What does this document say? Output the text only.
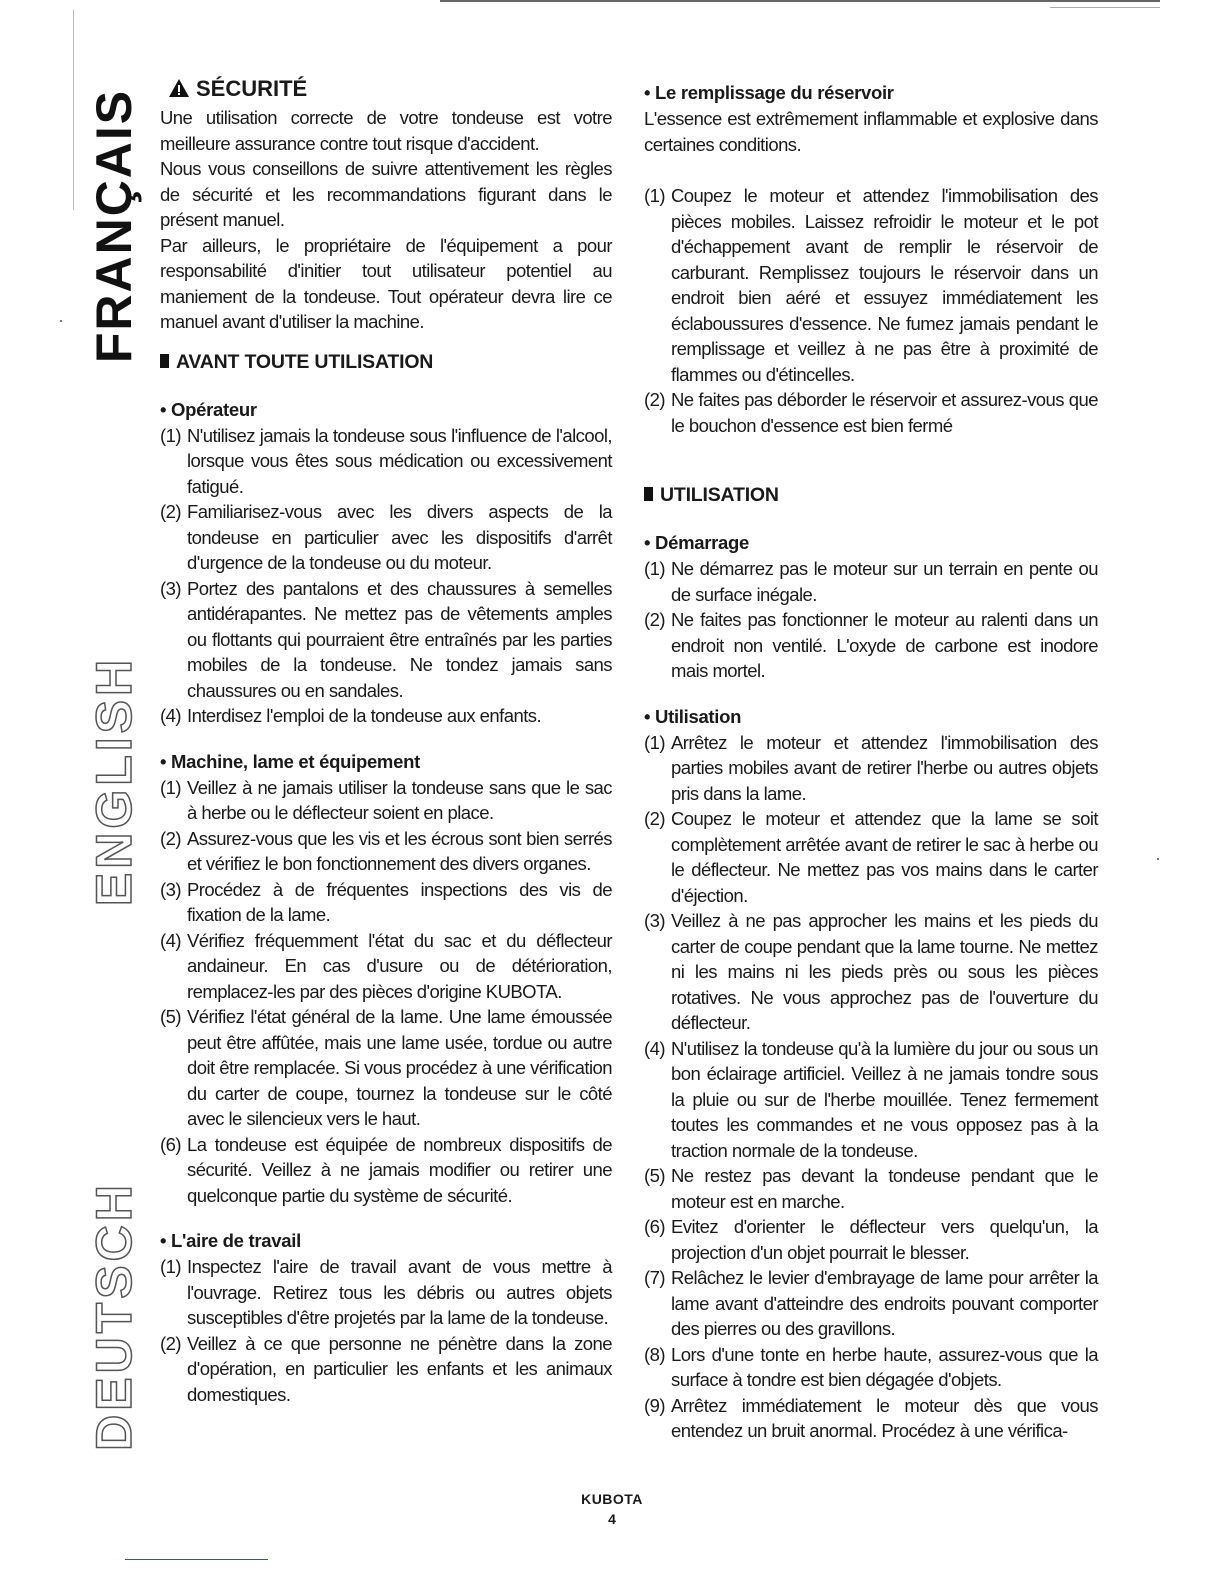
FRANÇAIS
ENGLISH
DEUTSCH
SÉCURITÉ

Une utilisation correcte de votre tondeuse est votre meilleure assurance contre tout risque d'accident.

Nous vous conseillons de suivre attentivement les règles de sécurité et les recommandations figurant dans le présent manuel.

Par ailleurs, le propriétaire de l'équipement a pour responsabilité d'initier tout utilisateur potentiel au maniement de la tondeuse. Tout opérateur devra lire ce manuel avant d'utiliser la machine.

AVANT TOUTE UTILISATION
• Opérateur
(1) N'utilisez jamais la tondeuse sous l'influence de l'alcool, lorsque vous êtes sous médication ou excessivement fatigué.
(2) Familiarisez-vous avec les divers aspects de la tondeuse en particulier avec les dispositifs d'arrêt d'urgence de la tondeuse ou du moteur.
(3) Portez des pantalons et des chaussures à semelles antidérapantes. Ne mettez pas de vêtements amples ou flottants qui pourraient être entraînés par les parties mobiles de la tondeuse. Ne tondez jamais sans chaussures ou en sandales.
(4) Interdisez l'emploi de la tondeuse aux enfants.
• Machine, lame et équipement
(1) Veillez à ne jamais utiliser la tondeuse sans que le sac à herbe ou le déflecteur soient en place.
(2) Assurez-vous que les vis et les écrous sont bien serrés et vérifiez le bon fonctionnement des divers organes.
(3) Procédez à de fréquentes inspections des vis de fixation de la lame.
(4) Vérifiez fréquemment l'état du sac et du déflecteur andaineur. En cas d'usure ou de détérioration, remplacez-les par des pièces d'origine KUBOTA.
(5) Vérifiez l'état général de la lame. Une lame émoussée peut être affûtée, mais une lame usée, tordue ou autre doit être remplacée. Si vous procédez à une vérification du carter de coupe, tournez la tondeuse sur le côté avec le silencieux vers le haut.
(6) La tondeuse est équipée de nombreux dispositifs de sécurité. Veillez à ne jamais modifier ou retirer une quelconque partie du système de sécurité.
• L'aire de travail
(1) Inspectez l'aire de travail avant de vous mettre à l'ouvrage. Retirez tous les débris ou autres objets susceptibles d'être projetés par la lame de la tondeuse.
(2) Veillez à ce que personne ne pénètre dans la zone d'opération, en particulier les enfants et les animaux domestiques.
• Le remplissage du réservoir

L'essence est extrêmement inflammable et explosive dans certaines conditions.

(1) Coupez le moteur et attendez l'immobilisation des pièces mobiles. Laissez refroidir le moteur et le pot d'échappement avant de remplir le réservoir de carburant. Remplissez toujours le réservoir dans un endroit bien aéré et essuyez immédiatement les éclaboussures d'essence. Ne fumez jamais pendant le remplissage et veillez à ne pas être à proximité de flammes ou d'étincelles.
(2) Ne faites pas déborder le réservoir et assurez-vous que le bouchon d'essence est bien fermé
UTILISATION
• Démarrage
(1) Ne démarrez pas le moteur sur un terrain en pente ou de surface inégale.
(2) Ne faites pas fonctionner le moteur au ralenti dans un endroit non ventilé. L'oxyde de carbone est inodore mais mortel.
• Utilisation
(1) Arrêtez le moteur et attendez l'immobilisation des parties mobiles avant de retirer l'herbe ou autres objets pris dans la lame.
(2) Coupez le moteur et attendez que la lame se soit complètement arrêtée avant de retirer le sac à herbe ou le déflecteur. Ne mettez pas vos mains dans le carter d'éjection.
(3) Veillez à ne pas approcher les mains et les pieds du carter de coupe pendant que la lame tourne. Ne mettez ni les mains ni les pieds près ou sous les pièces rotatives. Ne vous approchez pas de l'ouverture du déflecteur.
(4) N'utilisez la tondeuse qu'à la lumière du jour ou sous un bon éclairage artificiel. Veillez à ne jamais tondre sous la pluie ou sur de l'herbe mouillée. Tenez fermement toutes les commandes et ne vous opposez pas à la traction normale de la tondeuse.
(5) Ne restez pas devant la tondeuse pendant que le moteur est en marche.
(6) Evitez d'orienter le déflecteur vers quelqu'un, la projection d'un objet pourrait le blesser.
(7) Relâchez le levier d'embrayage de lame pour arrêter la lame avant d'atteindre des endroits pouvant comporter des pierres ou des gravillons.
(8) Lors d'une tonte en herbe haute, assurez-vous que la surface à tondre est bien dégagée d'objets.
(9) Arrêtez immédiatement le moteur dès que vous entendez un bruit anormal. Procédez à une vérifica-
KUBOTA
4
